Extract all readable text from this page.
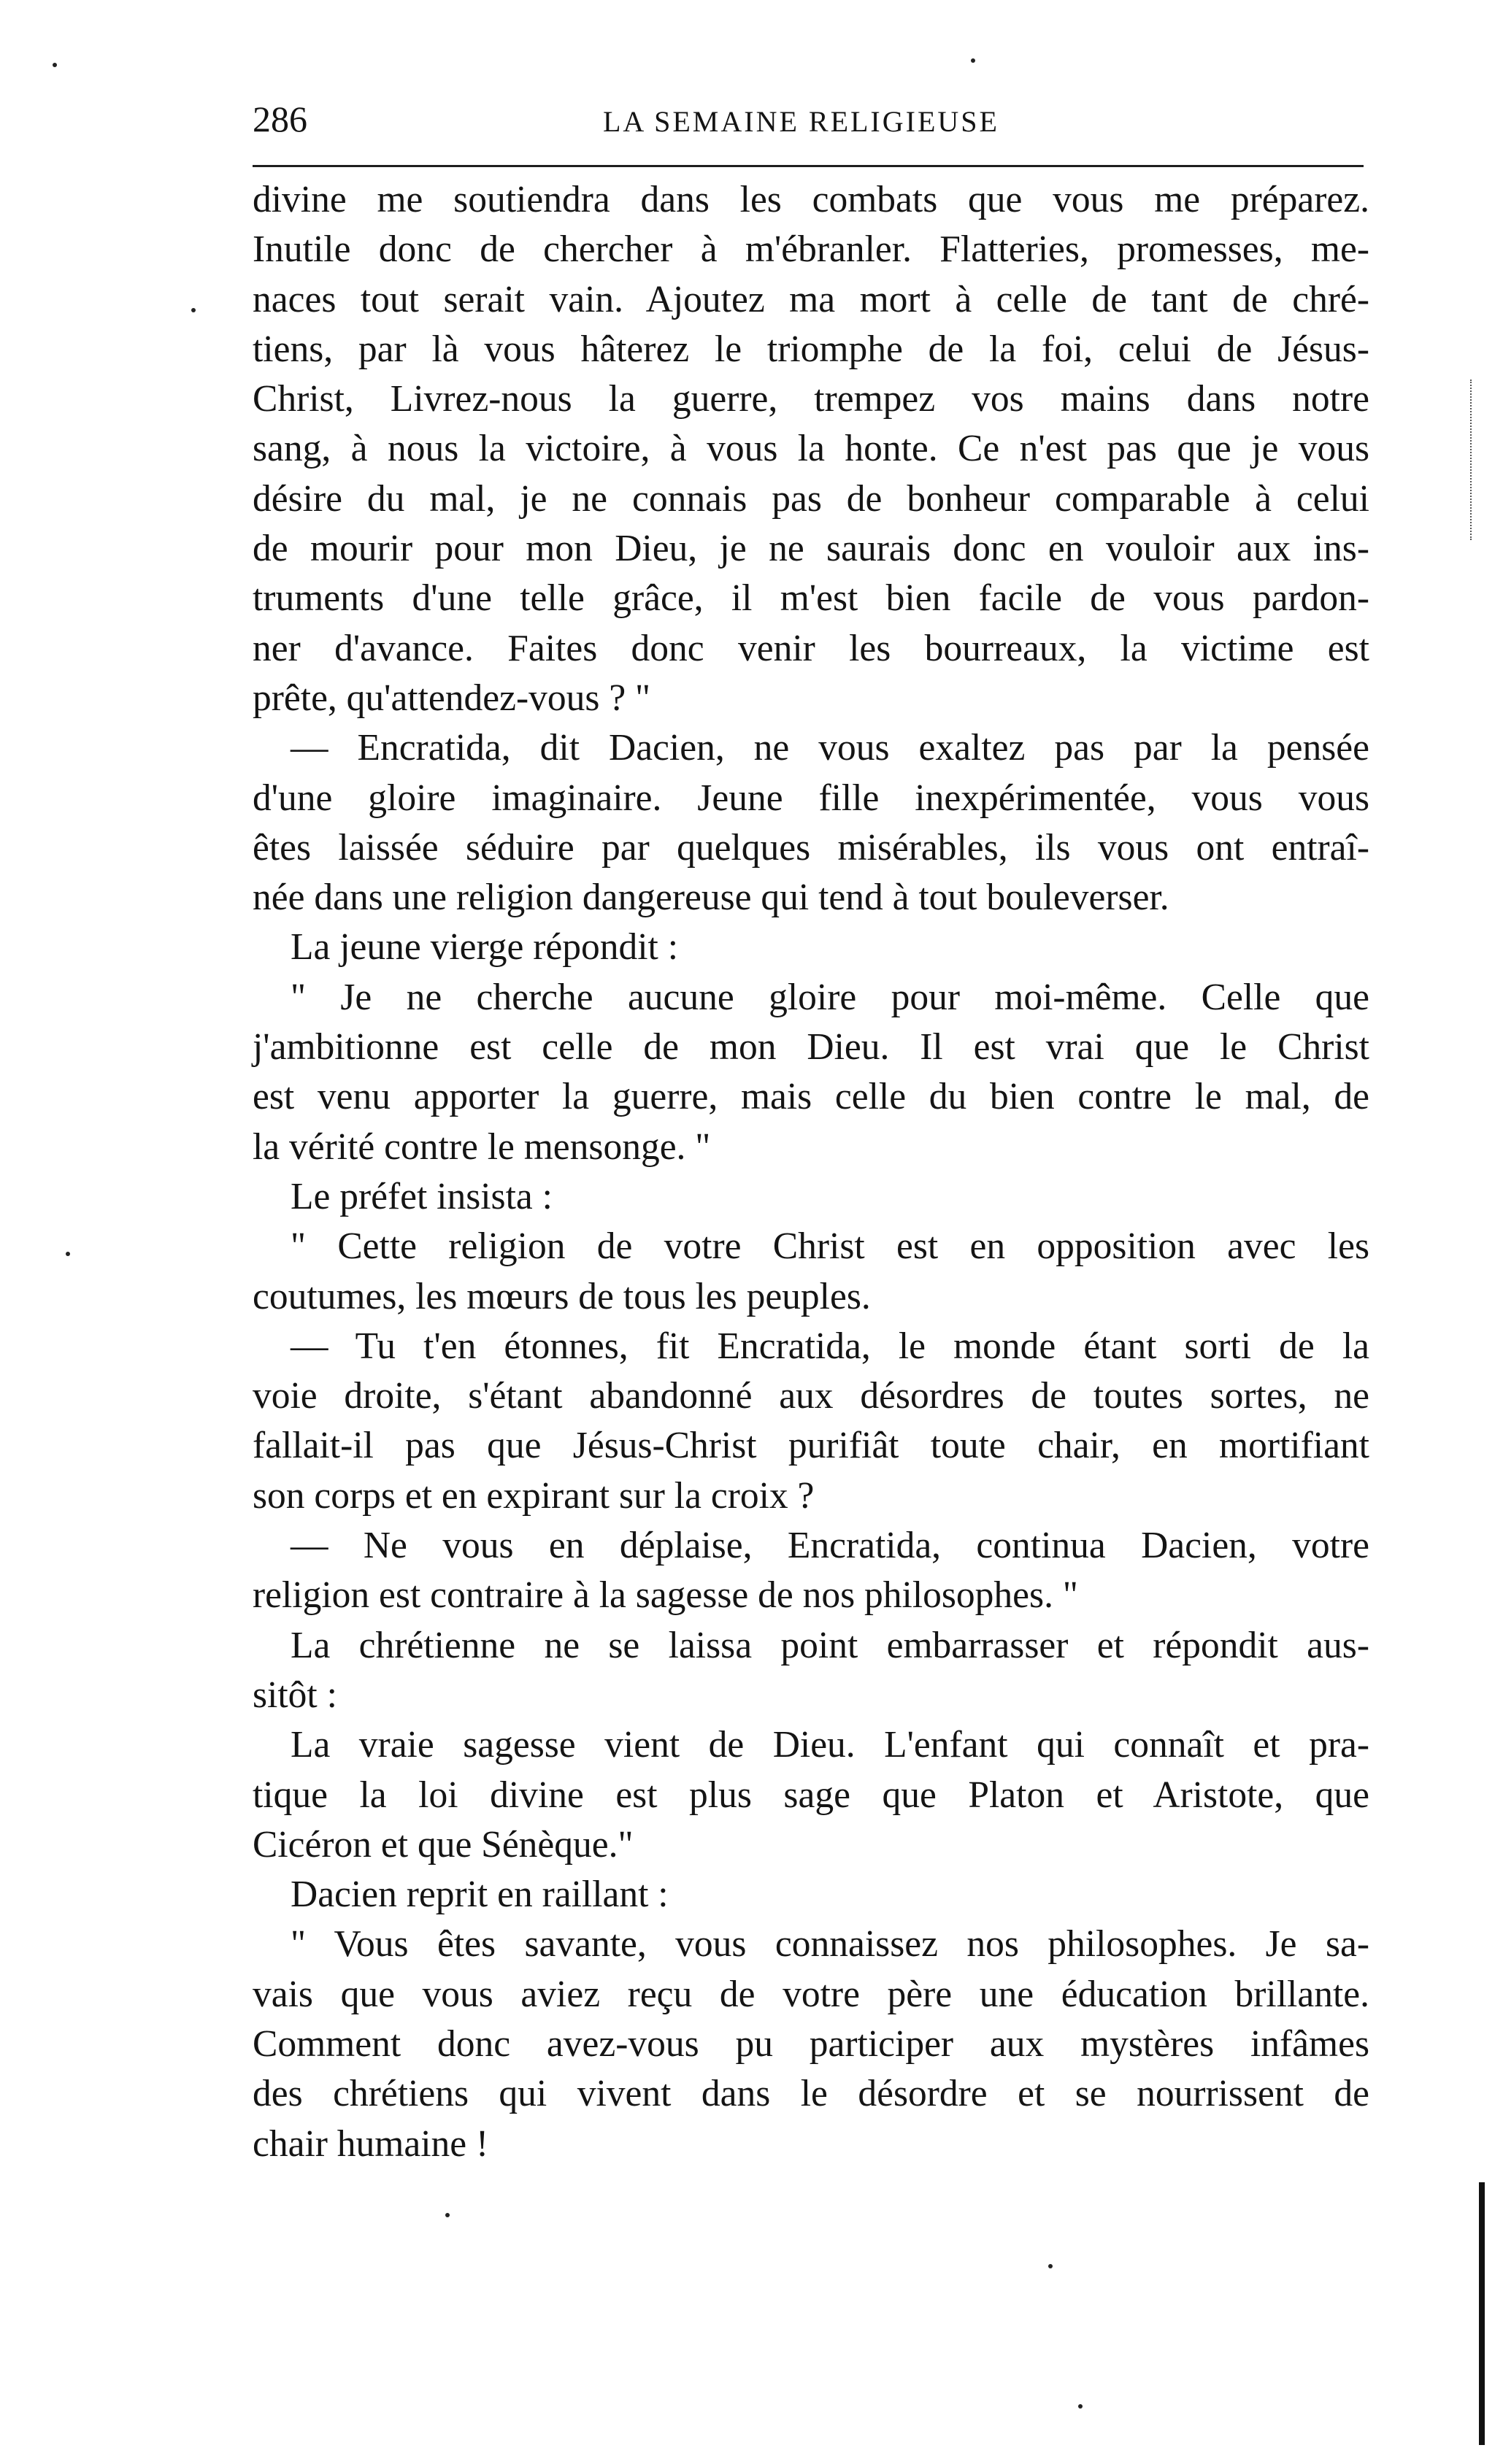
286	LA SEMAINE RELIGIEUSE
divine me soutiendra dans les combats que vous me préparez.
Inutile donc de chercher à m'ébranler. Flatteries, promesses, me-
naces tout serait vain. Ajoutez ma mort à celle de tant de chré-
tiens, par là vous hâterez le triomphe de la foi, celui de Jésus-
Christ, Livrez-nous la guerre, trempez vos mains dans notre
sang, à nous la victoire, à vous la honte. Ce n'est pas que je vous
désire du mal, je ne connais pas de bonheur comparable à celui
de mourir pour mon Dieu, je ne saurais donc en vouloir aux ins-
truments d'une telle grâce, il m'est bien facile de vous pardon-
ner d'avance. Faites donc venir les bourreaux, la victime est
prête, qu'attendez-vous ? "
— Encratida, dit Dacien, ne vous exaltez pas par la pensée
d'une gloire imaginaire. Jeune fille inexpérimentée, vous vous
êtes laissée séduire par quelques misérables, ils vous ont entraî-
née dans une religion dangereuse qui tend à tout bouleverser.
La jeune vierge répondit :
" Je ne cherche aucune gloire pour moi-même. Celle que
j'ambitionne est celle de mon Dieu. Il est vrai que le Christ
est venu apporter la guerre, mais celle du bien contre le mal, de
la vérité contre le mensonge. "
Le préfet insista :
" Cette religion de votre Christ est en opposition avec les
coutumes, les mœurs de tous les peuples.
— Tu t'en étonnes, fit Encratida, le monde étant sorti de la
voie droite, s'étant abandonné aux désordres de toutes sortes, ne
fallait-il pas que Jésus-Christ purifiât toute chair, en mortifiant
son corps et en expirant sur la croix ?
— Ne vous en déplaise, Encratida, continua Dacien, votre
religion est contraire à la sagesse de nos philosophes. "
La chrétienne ne se laissa point embarrasser et répondit aus-
sitôt :
La vraie sagesse vient de Dieu. L'enfant qui connaît et pra-
tique la loi divine est plus sage que Platon et Aristote, que
Cicéron et que Sénèque."
Dacien reprit en raillant :
" Vous êtes savante, vous connaissez nos philosophes. Je sa-
vais que vous aviez reçu de votre père une éducation brillante.
Comment donc avez-vous pu participer aux mystères infâmes
des chrétiens qui vivent dans le désordre et se nourrissent de
chair humaine !
